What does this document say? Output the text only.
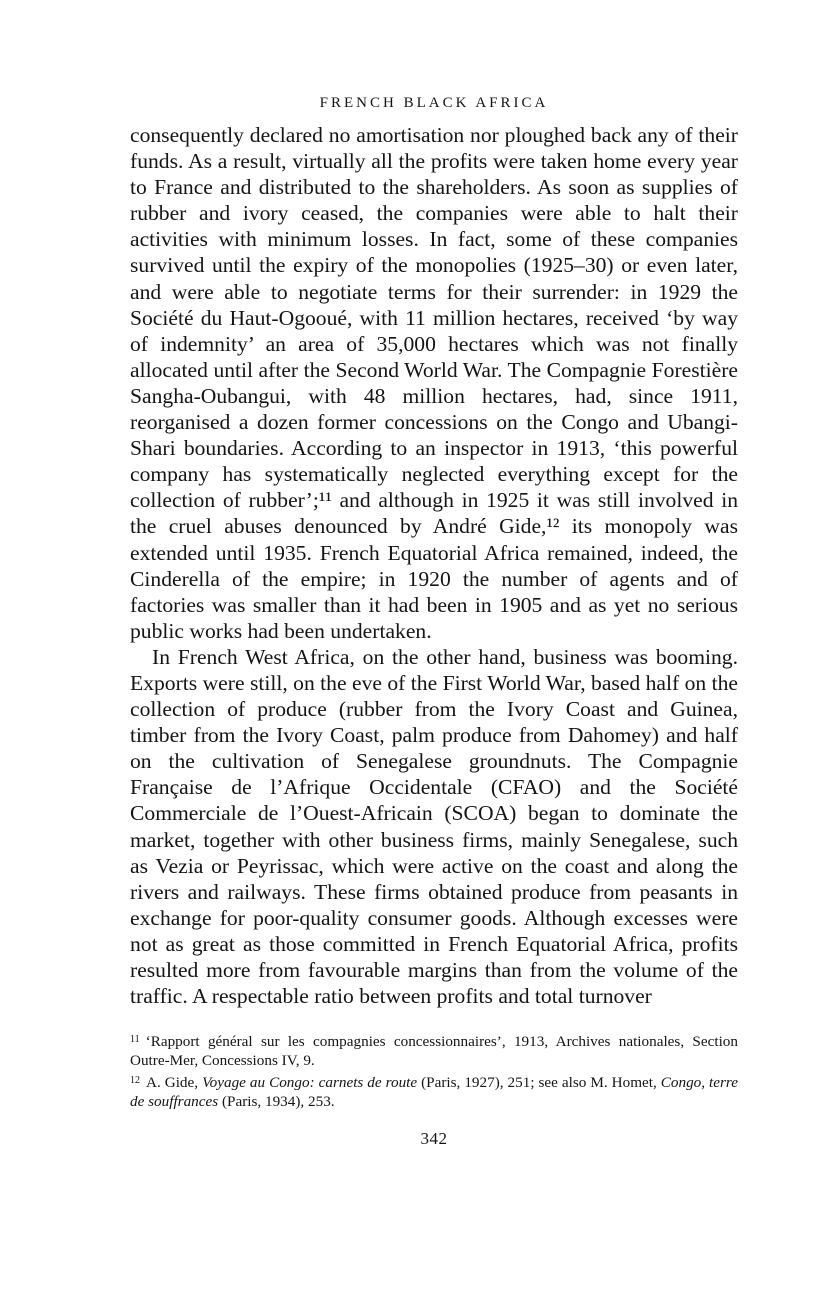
FRENCH BLACK AFRICA

consequently declared no amortisation nor ploughed back any of their funds. As a result, virtually all the profits were taken home every year to France and distributed to the shareholders. As soon as supplies of rubber and ivory ceased, the companies were able to halt their activities with minimum losses. In fact, some of these companies survived until the expiry of the monopolies (1925–30) or even later, and were able to negotiate terms for their surrender: in 1929 the Société du Haut-Ogooué, with 11 million hectares, received ‘by way of indemnity’ an area of 35,000 hectares which was not finally allocated until after the Second World War. The Compagnie Forestière Sangha-Oubangui, with 48 million hectares, had, since 1911, reorganised a dozen former concessions on the Congo and Ubangi-Shari boundaries. According to an inspector in 1913, ‘this powerful company has systematically neglected everything except for the collection of rubber’;¹¹ and although in 1925 it was still involved in the cruel abuses denounced by André Gide,¹² its monopoly was extended until 1935. French Equatorial Africa remained, indeed, the Cinderella of the empire; in 1920 the number of agents and of factories was smaller than it had been in 1905 and as yet no serious public works had been undertaken.

In French West Africa, on the other hand, business was booming. Exports were still, on the eve of the First World War, based half on the collection of produce (rubber from the Ivory Coast and Guinea, timber from the Ivory Coast, palm produce from Dahomey) and half on the cultivation of Senegalese groundnuts. The Compagnie Française de l’Afrique Occidentale (CFAO) and the Société Commerciale de l’Ouest-Africain (SCOA) began to dominate the market, together with other business firms, mainly Senegalese, such as Vezia or Peyrissac, which were active on the coast and along the rivers and railways. These firms obtained produce from peasants in exchange for poor-quality consumer goods. Although excesses were not as great as those committed in French Equatorial Africa, profits resulted more from favourable margins than from the volume of the traffic. A respectable ratio between profits and total turnover

$^{11}$ ‘Rapport général sur les compagnies concessionnaires’, 1913, Archives nationales, Section Outre-Mer, Concessions IV, 9.

$^{12}$ A. Gide, Voyage au Congo: carnets de route (Paris, 1927), 251; see also M. Homet, Congo, terre de souffrances (Paris, 1934), 253.

342
